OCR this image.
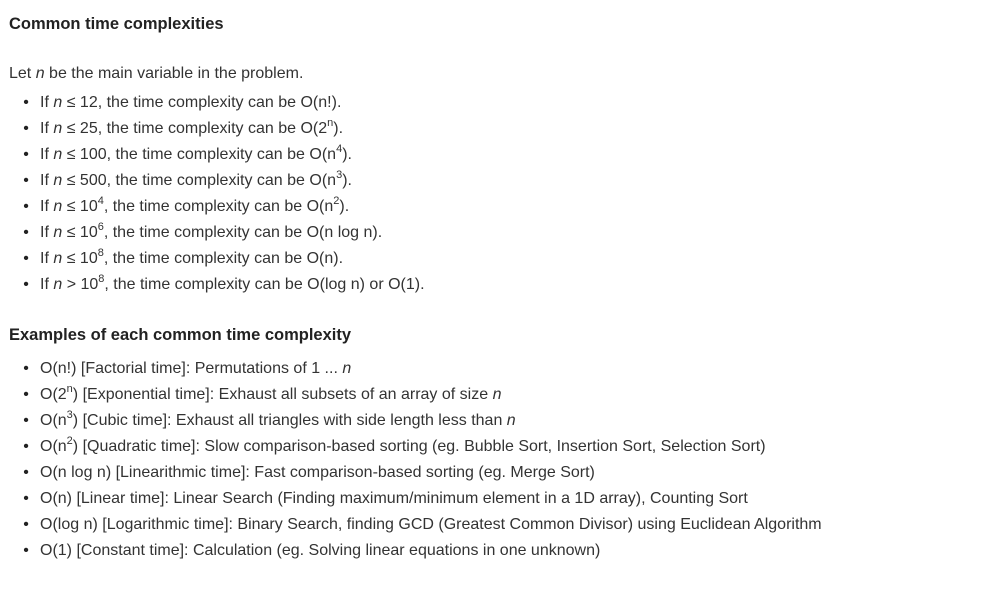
Common time complexities

Let n be the main variable in the problem.

• If n ≤ 12, the time complexity can be O(n!).
• If n ≤ 25, the time complexity can be O(2$^n$).
• If n ≤ 100, the time complexity can be $O(n^4)$.
• If n ≤ 500, the time complexity can be $O(n^3)$.
• If $n \le 10^4$, the time complexity can be $O(n^2)$.
• If $n \le 10^6$, the time complexity can be O(n log n).
• If $n \le 10^8$, the time complexity can be O(n).
• If $n > 10^8$, the time complexity can be O(log n) or O(1).
Examples of each common time complexity
• O(n!) [Factorial time]: Permutations of 1 ... n
• O(2$^n$) [Exponential time]: Exhaust all subsets of an array of size n
• $O(n^3)$ [Cubic time]: Exhaust all triangles with side length less than n
• $O(n^2)$ [Quadratic time]: Slow comparison-based sorting (eg. Bubble Sort, Insertion Sort, Selection Sort)
• O(n log n) [Linearithmic time]: Fast comparison-based sorting (eg. Merge Sort)
• O(n) [Linear time]: Linear Search (Finding maximum/minimum element in a 1D array), Counting Sort
• O(log n) [Logarithmic time]: Binary Search, finding GCD (Greatest Common Divisor) using Euclidean Algorithm
• O(1) [Constant time]: Calculation (eg. Solving linear equations in one unknown)
